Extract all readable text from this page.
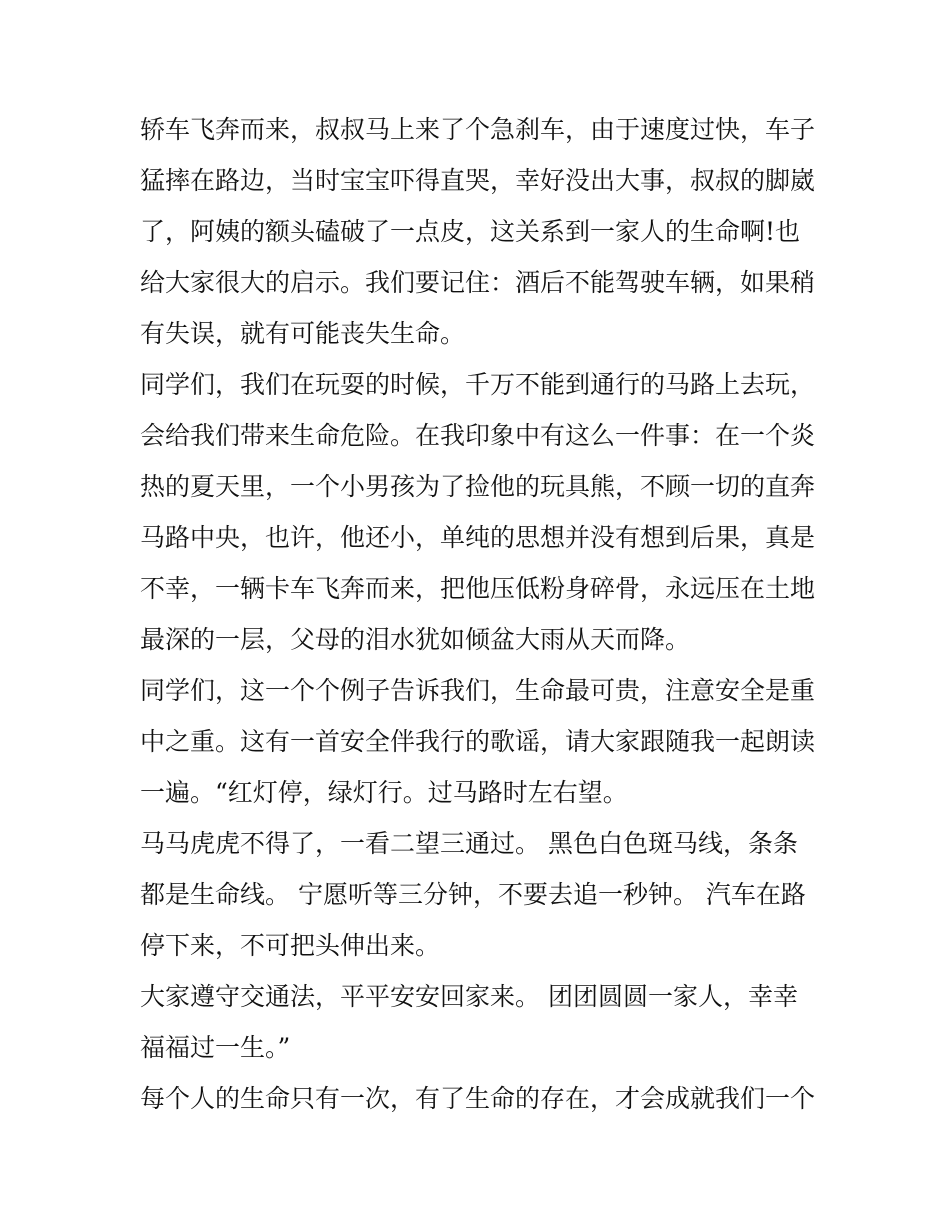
轿车飞奔而来，叔叔马上来了个急刹车，由于速度过快，车子
猛摔在路边，当时宝宝吓得直哭，幸好没出大事，叔叔的脚崴
了，阿姨的额头磕破了一点皮，这关系到一家人的生命啊!也
给大家很大的启示。我们要记住：酒后不能驾驶车辆，如果稍
有失误，就有可能丧失生命。
同学们，我们在玩耍的时候，千万不能到通行的马路上去玩，
会给我们带来生命危险。在我印象中有这么一件事：在一个炎
热的夏天里，一个小男孩为了捡他的玩具熊，不顾一切的直奔
马路中央，也许，他还小，单纯的思想并没有想到后果，真是
不幸，一辆卡车飞奔而来，把他压低粉身碎骨，永远压在土地
最深的一层，父母的泪水犹如倾盆大雨从天而降。
同学们，这一个个例子告诉我们，生命最可贵，注意安全是重
中之重。这有一首安全伴我行的歌谣，请大家跟随我一起朗读
一遍。“红灯停，绿灯行。过马路时左右望。
马马虎虎不得了，一看二望三通过。 黑色白色斑马线，条条
都是生命线。 宁愿听等三分钟，不要去追一秒钟。 汽车在路
停下来，不可把头伸出来。
大家遵守交通法，平平安安回家来。 团团圆圆一家人，幸幸
福福过一生。”
每个人的生命只有一次，有了生命的存在，才会成就我们一个
